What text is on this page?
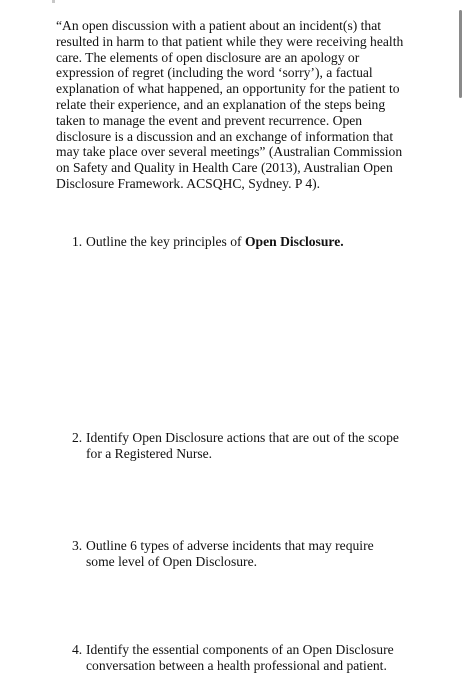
“An open discussion with a patient about an incident(s) that resulted in harm to that patient while they were receiving health care. The elements of open disclosure are an apology or expression of regret (including the word ‘sorry’), a factual explanation of what happened, an opportunity for the patient to relate their experience, and an explanation of the steps being taken to manage the event and prevent recurrence. Open disclosure is a discussion and an exchange of information that may take place over several meetings” (Australian Commission on Safety and Quality in Health Care (2013), Australian Open Disclosure Framework. ACSQHC, Sydney. P 4).

1. Outline the key principles of Open Disclosure.

2. Identify Open Disclosure actions that are out of the scope
for a Registered Nurse.

3. Outline 6 types of adverse incidents that may require
some level of Open Disclosure.

4. Identify the essential components of an Open Disclosure
conversation between a health professional and patient.
